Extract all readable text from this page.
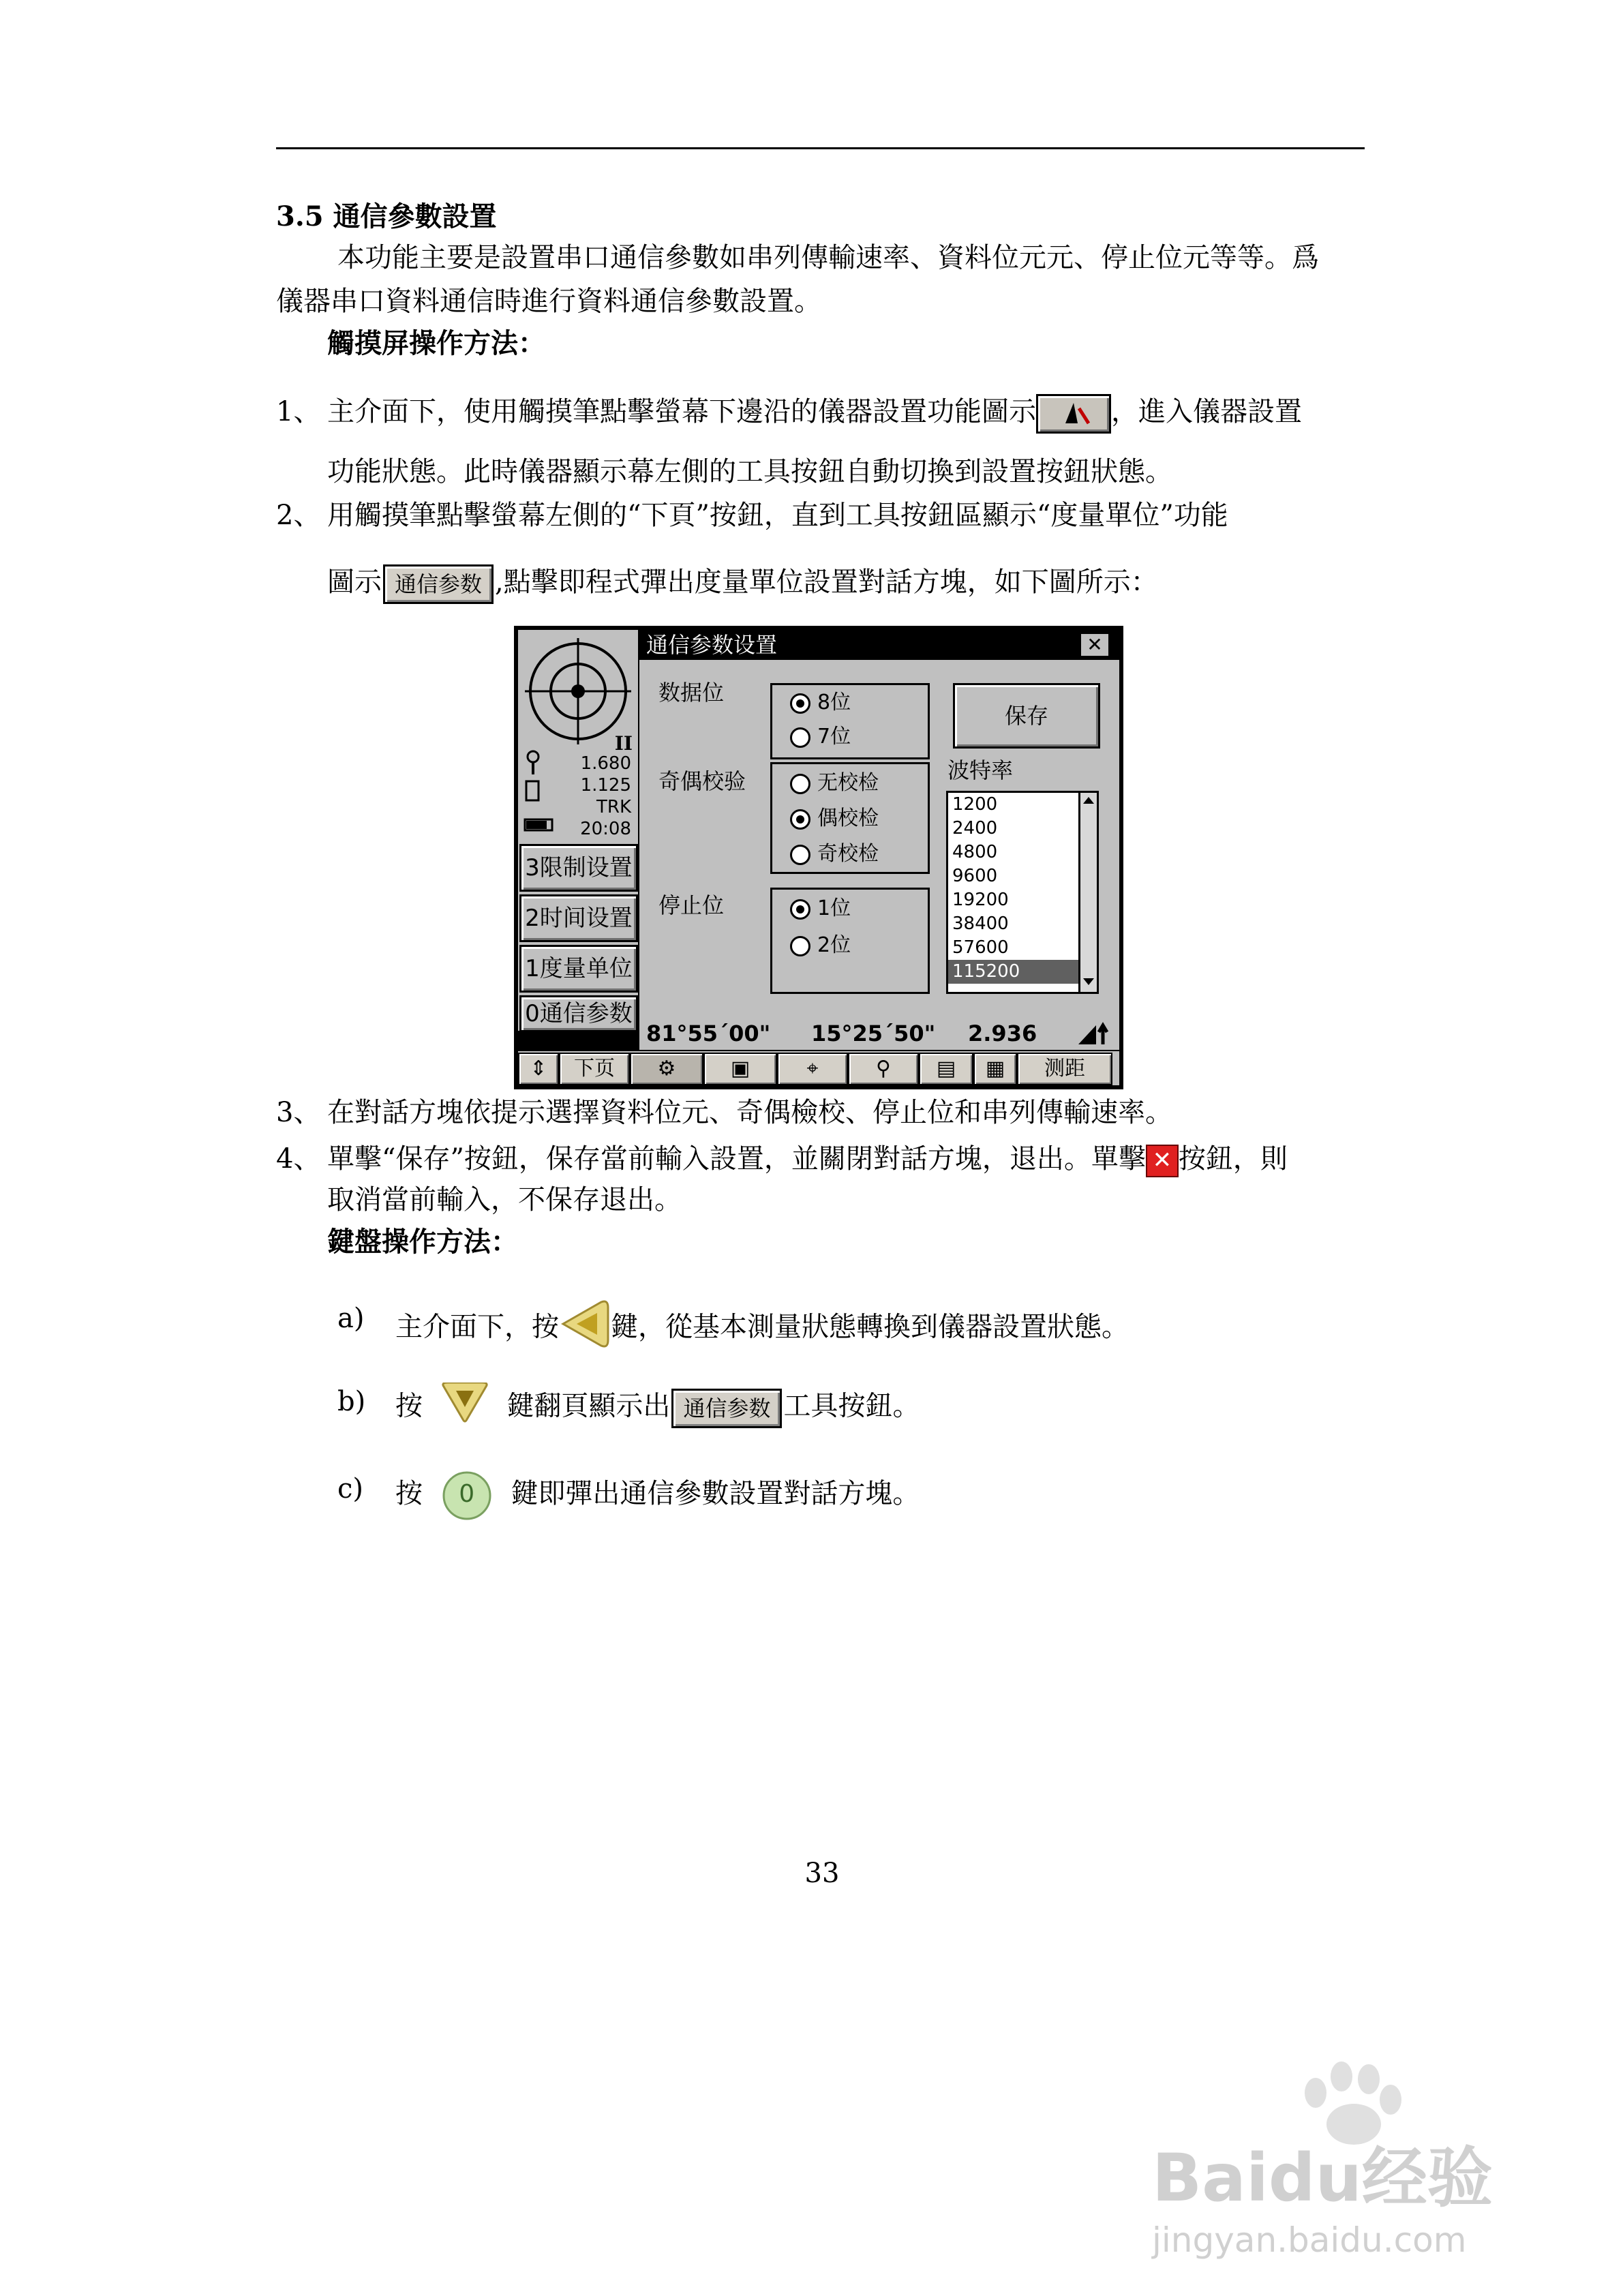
3.5 通信參數設置
本功能主要是設置串口通信參數如串列傳輸速率、資料位元元、停止位元等等。爲
儀器串口資料通信時進行資料通信參數設置。
觸摸屏操作方法：
1、 主介面下，使用觸摸筆點擊螢幕下邊沿的儀器設置功能圖示	，進入儀器設置
功能狀態。此時儀器顯示幕左側的工具按鈕自動切換到設置按鈕狀態。
2、 用觸摸筆點擊螢幕左側的“下頁”按鈕，直到工具按鈕區顯示“度量單位”功能
圖示 通信参数 ,點擊即程式彈出度量單位設置對話方塊，如下圖所示：
II
1.680
1.125
TRK
20:08
3限制设置
2时间设置
1度量单位
0通信参数
通信参数设置	✕
数据位	8位
7位
奇偶校验	无校检
偶校检
奇校检
停止位	1位
2位
保存
波特率
1200
2400
4800
9600
19200
38400
57600
115200
81°55´00" 15°25´50" 2.936
⇕	下页	⚙	▣	⌖	⚲	▤	▦	测距
3、 在對話方塊依提示選擇資料位元、奇偶檢校、停止位和串列傳輸速率。
4、 單擊“保存”按鈕，保存當前輸入設置，並關閉對話方塊，退出。單擊 ✕ 按鈕，則
取消當前輸入，不保存退出。
鍵盤操作方法：
a) 主介面下，按 鍵，從基本測量狀態轉換到儀器設置狀態。
b) 按	鍵翻頁顯示出 通信参数 工具按鈕。
c) 按	0	鍵即彈出通信參數設置對話方塊。
33
Baidu经验
jingyan.baidu.com
